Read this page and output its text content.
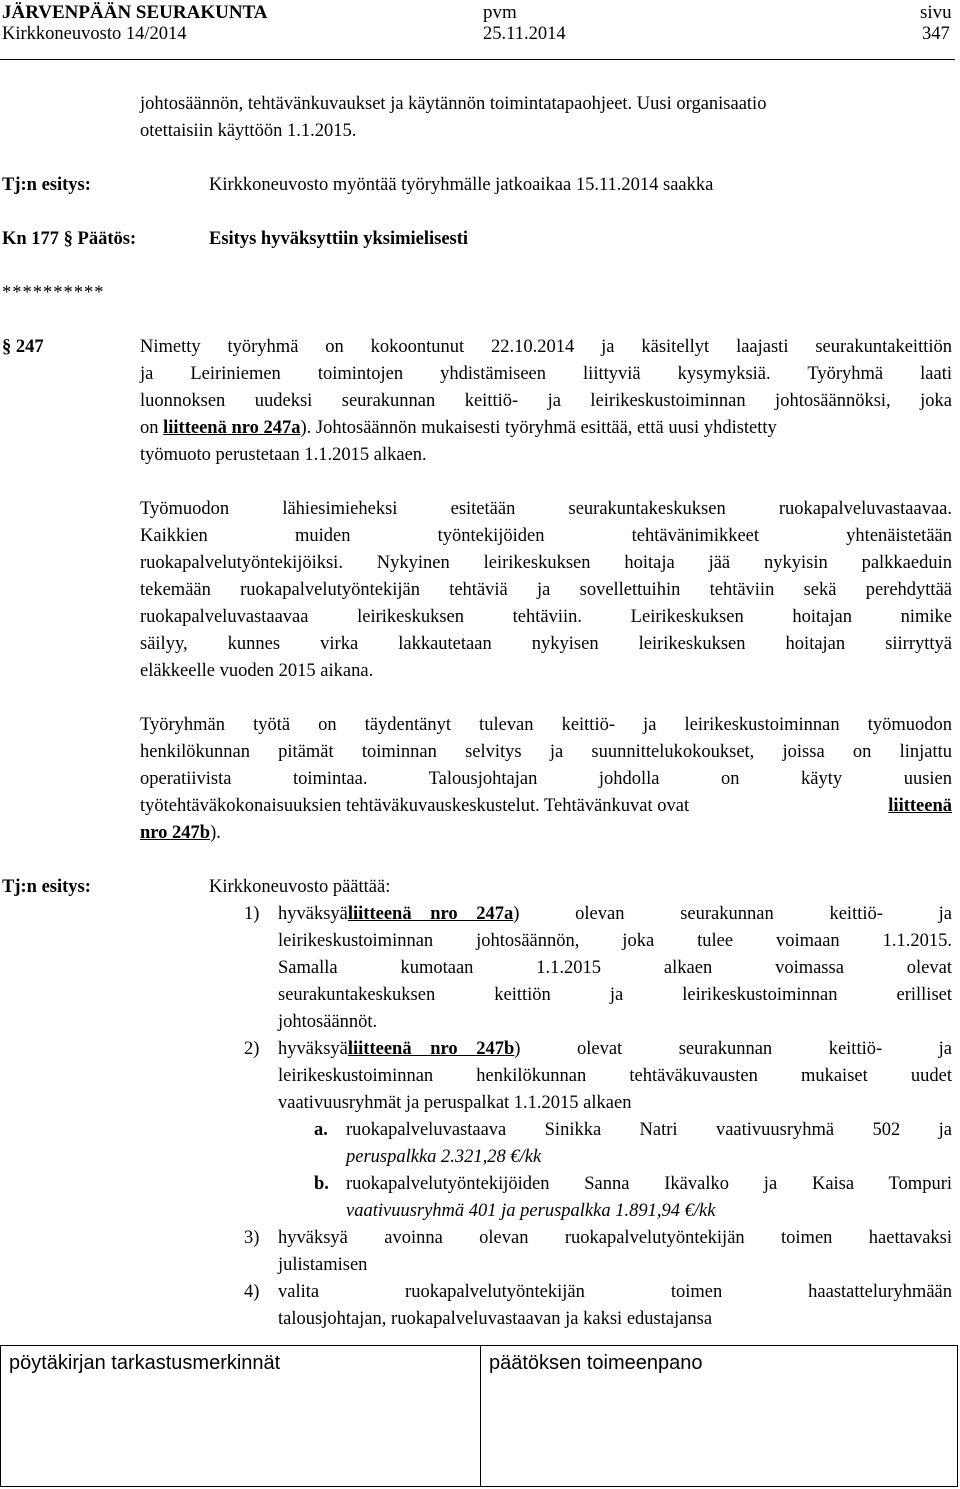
JÄRVENPÄÄN SEURAKUNTA	pvm	sivu
Kirkkoneuvosto 14/2014	25.11.2014	347
johtosäännön, tehtävänkuvaukset ja käytännön toimintatapaohjeet. Uusi organisaatio
otettaisiin käyttöön 1.1.2015.
Tj:n esitys:	Kirkkoneuvosto myöntää työryhmälle jatkoaikaa 15.11.2014 saakka
Kn 177 § Päätös:	Esitys hyväksyttiin yksimielisesti
**********
§ 247	Nimetty työryhmä on kokoontunut 22.10.2014 ja käsitellyt laajasti seurakuntakeittiön
ja Leiriniemen toimintojen yhdistämiseen liittyviä kysymyksiä. Työryhmä laati
luonnoksen uudeksi seurakunnan keittiö- ja leirikeskustoiminnan johtosäännöksi, joka
on liitteenä nro 247a). Johtosäännön mukaisesti työryhmä esittää, että uusi yhdistetty
työmuoto perustetaan 1.1.2015 alkaen.
Työmuodon lähiesimieheksi esitetään seurakuntakeskuksen ruokapalveluvastaavaa.
Kaikkien muiden työntekijöiden tehtävänimikkeet yhtenäistetään
ruokapalvelutyöntekijöiksi. Nykyinen leirikeskuksen hoitaja jää nykyisin palkkaeduin
tekemään ruokapalvelutyöntekijän tehtäviä ja sovellettuihin tehtäviin sekä perehdyttää
ruokapalveluvastaavaa leirikeskuksen tehtäviin. Leirikeskuksen hoitajan nimike
säilyy, kunnes virka lakkautetaan nykyisen leirikeskuksen hoitajan siirryttyä
eläkkeelle vuoden 2015 aikana.
Työryhmän työtä on täydentänyt tulevan keittiö- ja leirikeskustoiminnan työmuodon
henkilökunnan pitämät toiminnan selvitys ja suunnittelukokoukset, joissa on linjattu
operatiivista toimintaa. Talousjohtajan johdolla on käyty uusien
työtehtäväkokonaisuuksien tehtäväkuvauskeskustelut. Tehtävänkuvat ovat	liitteenä
nro 247b).
Tj:n esitys:	Kirkkoneuvosto päättää:
1) hyväksyä liitteenä nro 247a ) olevan seurakunnan keittiö- ja
leirikeskustoiminnan johtosäännön, joka tulee voimaan 1.1.2015.
Samalla kumotaan 1.1.2015 alkaen voimassa olevat
seurakuntakeskuksen keittiön ja leirikeskustoiminnan erilliset
johtosäännöt.
2) hyväksyä liitteenä nro 247b ) olevat seurakunnan keittiö- ja
leirikeskustoiminnan henkilökunnan tehtäväkuvausten mukaiset uudet
vaativuusryhmät ja peruspalkat 1.1.2015 alkaen
a. ruokapalveluvastaava Sinikka Natri vaativuusryhmä 502 ja
peruspalkka 2.321,28 €/kk
b. ruokapalvelutyöntekijöiden Sanna Ikävalko ja Kaisa Tompuri
vaativuusryhmä 401 ja peruspalkka 1.891,94 €/kk
3) hyväksyä avoinna olevan ruokapalvelutyöntekijän toimen haettavaksi
julistamisen
4) valita ruokapalvelutyöntekijän toimen haastatteluryhmään
talousjohtajan, ruokapalveluvastaavan ja kaksi edustajansa
pöytäkirjan tarkastusmerkinnät	päätöksen toimeenpano
